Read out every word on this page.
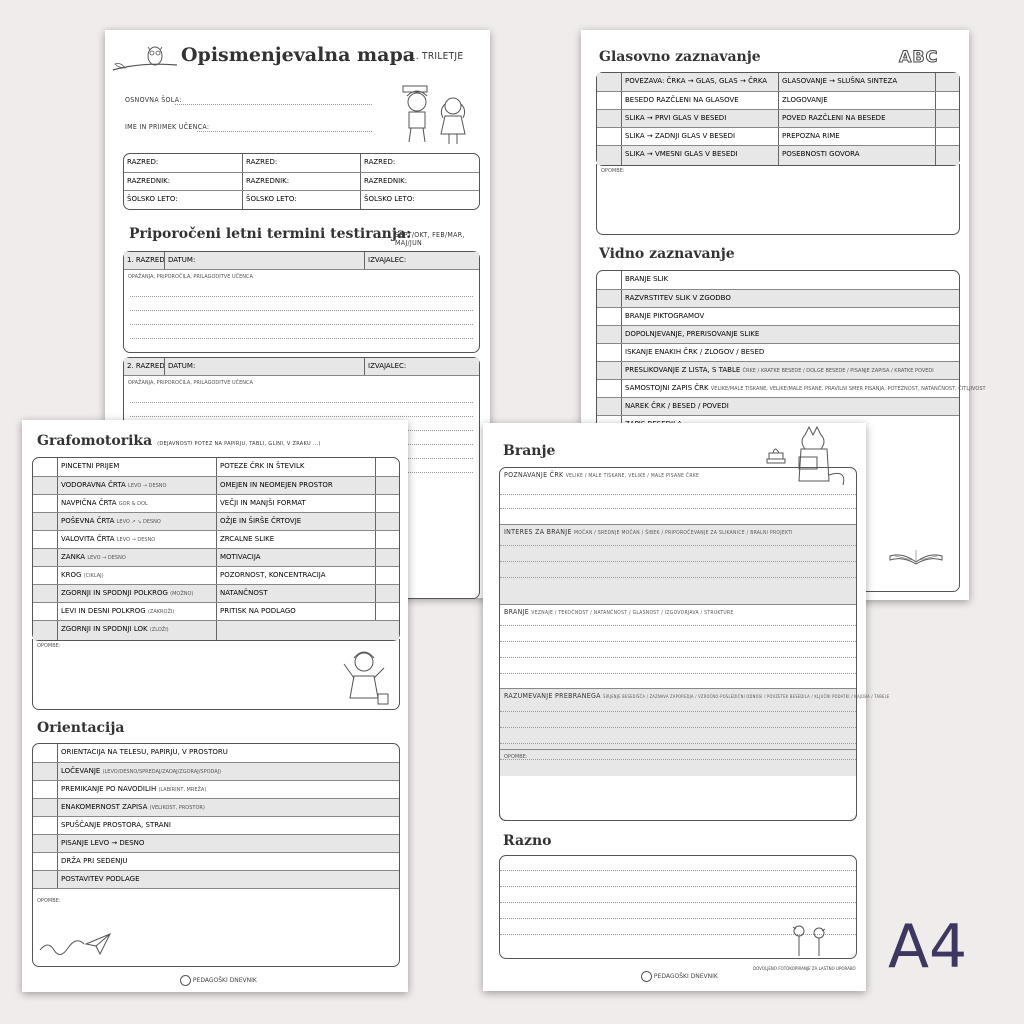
Opismenjevalna mapa
- 1. TRILETJE
OSNOVNA ŠOLA:
IME IN PRIIMEK UČENCA:
RAZRED:	RAZRED:	RAZRED:
RAZREDNIK:	RAZREDNIK:	RAZREDNIK:
ŠOLSKO LETO:	ŠOLSKO LETO:	ŠOLSKO LETO:
Priporočeni letni termini testiranja:
SEPT/OKT, FEB/MAR, MAJ/JUN
1. RAZRED DATUM:	IZVAJALEC:
OPAŽANJA, PRIPOROČILA, PRILAGODITVE UČENCA
2. RAZRED DATUM:	IZVAJALEC:
OPAŽANJA, PRIPOROČILA, PRILAGODITVE UČENCA
Glasovno zaznavanje	ABC
POVEZAVA: ČRKA → GLAS, GLAS → ČRKA	GLASOVANJE → SLUŠNA SINTEZA
BESEDO RAZČLENI NA GLASOVE	ZLOGOVANJE
SLIKA → PRVI GLAS V BESEDI	POVED RAZČLENI NA BESEDE
SLIKA → ZADNJI GLAS V BESEDI	PREPOZNA RIME
SLIKA → VMESNI GLAS V BESEDI	POSEBNOSTI GOVORA
OPOMBE:
Vidno zaznavanje
BRANJE SLIK
RAZVRSTITEV SLIK V ZGODBO
BRANJE PIKTOGRAMOV
DOPOLNJEVANJE, PRERISOVANJE SLIKE
ISKANJE ENAKIH ČRK / ZLOGOV / BESED
PRESLIKOVANJE Z LISTA, S TABLE ČRKE / KRATKE BESEDE / DOLGE BESEDE / PISANJE ZAPISA / KRATKE POVEDI
SAMOSTOJNI ZAPIS ČRK VELIKE/MALE TISKANE, VELIKE/MALE PISANE, PRAVILNI SMER PISANJA, POTEZNOST, NATANČNOST, ČITLJIVOST
NAREK ČRK / BESED / POVEDI
Grafomotorika (DEJAVNOSTI POTEZ NA PAPIRJU, TABLI, GLINI, V ZRAKU ...)
PINCETNI PRIJEM	POTEZE ČRK IN ŠTEVILK
VODORAVNA ČRTA LEVO → DESNO	OMEJEN IN NEOMEJEN PROSTOR
NAVPIČNA ČRTA GOR & DOL	VEČJI IN MANJŠI FORMAT
POŠEVNA ČRTA LEVO ↗ ↘ DESNO	OŽJE IN ŠIRŠE ČRTOVJE
VALOVITA ČRTA LEVO → DESNO	ZRCALNE SLIKE
ZANKA LEVO → DESNO	MOTIVACIJA
KROG (CIKLAJ)	POZORNOST, KONCENTRACIJA
ZGORNJI IN SPODNJI POLKROG (MOŽNO)	NATANČNOST
LEVI IN DESNI POLKROG (ZAKROŽI)	PRITISK NA PODLAGO
ZGORNJI IN SPODNJI LOK (ZLOŽI)
OPOMBE:
Orientacija
ORIENTACIJA NA TELESU, PAPIRJU, V PROSTORU
LOČEVANJE (LEVO/DESNO/SPREDAJ/ZADAJ/ZGORAJ/SPODAJ)
PREMIKANJE PO NAVODILIH (LABIRINT, MREŽA)
ENAKOMERNOST ZAPISA (VELIKOST, PROSTOR)
SPUŠČANJE PROSTORA, STRANI
PISANJE LEVO → DESNO
DRŽA PRI SEDENJU
POSTAVITEV PODLAGE
OPOMBE:
PEDAGOŠKI DNEVNIK
Branje
POZNAVANJE ČRK VELIKE / MALE TISKANE, VELIKE / MALE PISANE ČRKE
INTERES ZA BRANJE MOČAN / SREDNJE MOČAN / ŠIBEK / PRIPOROČEVANJE ZA SLIKANICE / BRALNI PROJEKTI
BRANJE VEZNAJE / TEKOČNOST / NATANČNOST / GLASNOST / IZGOVORJAVA / STRUKTURE
RAZUMEVANJE PREBRANEGA ŠIRJENJE BESEDIŠČA / ZAZNAVA ZAPOREDJA / VZROČNO-POSLEDIČNI ODNOSI / POVZETEK BESEDILA / KLJUČNI PODATKI / NAJDBA / TABELE
OPOMBE:
Razno
PEDAGOŠKI DNEVNIK
DOVOLJENO FOTOKOPIRANJE ZA LASTNO UPORABO A4
